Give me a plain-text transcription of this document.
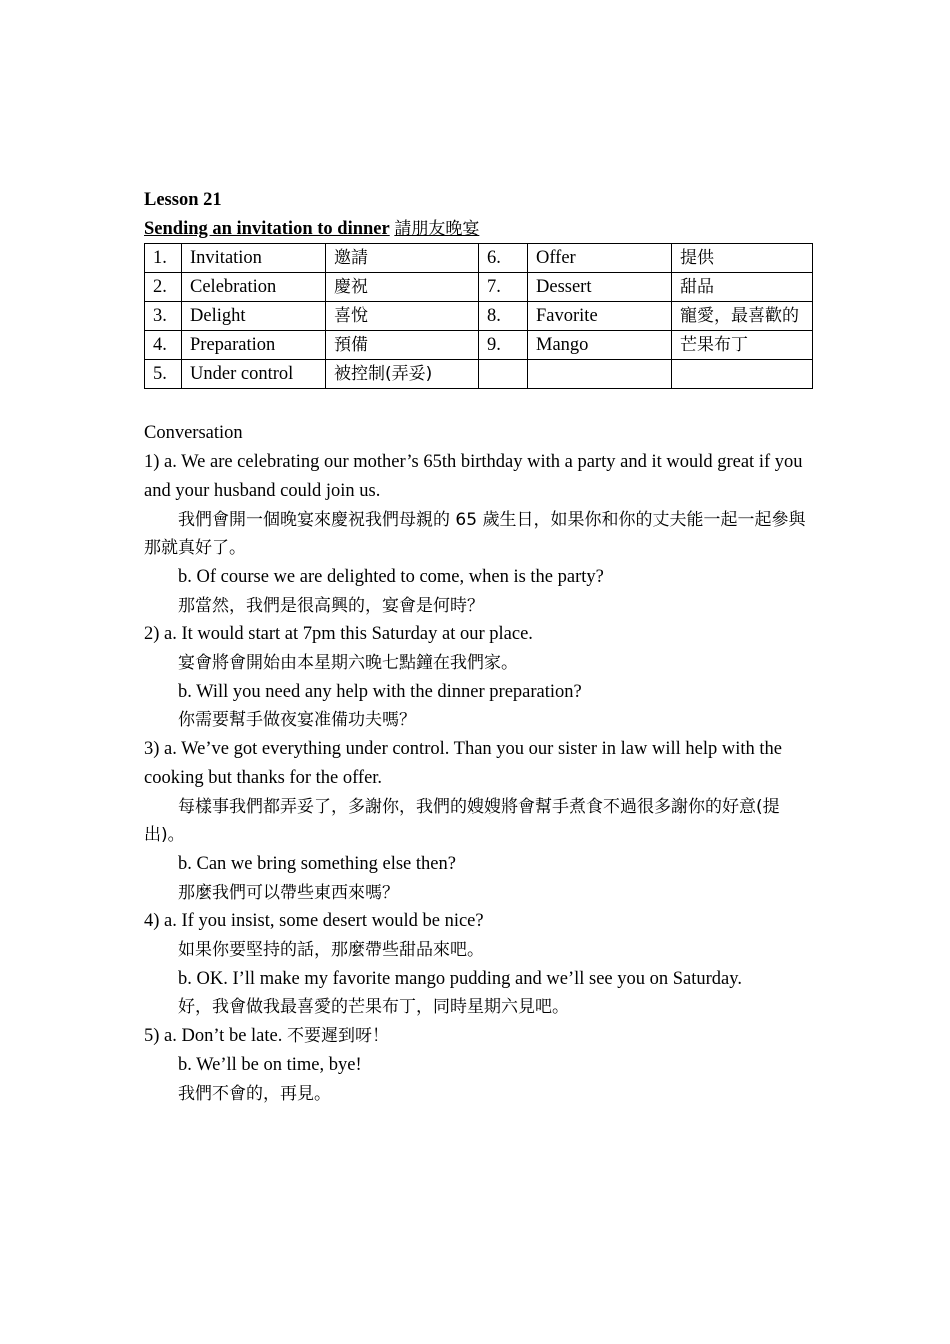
Lesson 21
Sending an invitation to dinner 請朋友晚宴
1.	Invitation	邀請	6.	Offer	提供
2.	Celebration	慶祝	7.	Dessert	甜品
3.	Delight	喜悅	8.	Favorite	寵愛，最喜歡的
4.	Preparation	預備	9.	Mango	芒果布丁
5.	Under control	被控制(弄妥)			
Conversation
1) a. We are celebrating our mother’s 65th birthday with a party and it would great if you and your husband could join us.
我們會開一個晚宴來慶祝我們母親的 65 歲生日，如果你和你的丈夫能一起一起參與那就真好了。
b. Of course we are delighted to come, when is the party?
那當然，我們是很高興的，宴會是何時？
2) a. It would start at 7pm this Saturday at our place.
宴會將會開始由本星期六晚七點鐘在我們家。
b. Will you need any help with the dinner preparation?
你需要幫手做夜宴准備功夫嗎？
3) a. We’ve got everything under control. Than you our sister in law will help with the cooking but thanks for the offer.
每樣事我們都弄妥了，多謝你，我們的嫂嫂將會幫手煮食不過很多謝你的好意(提出)。
b. Can we bring something else then?
那麼我們可以帶些東西來嗎？
4) a. If you insist, some desert would be nice?
如果你要堅持的話，那麼帶些甜品來吧。
b. OK. I’ll make my favorite mango pudding and we’ll see you on Saturday.
好，我會做我最喜愛的芒果布丁，同時星期六見吧。
5) a. Don’t be late. 不要遲到呀！
b. We’ll be on time, bye!
我們不會的，再見。
